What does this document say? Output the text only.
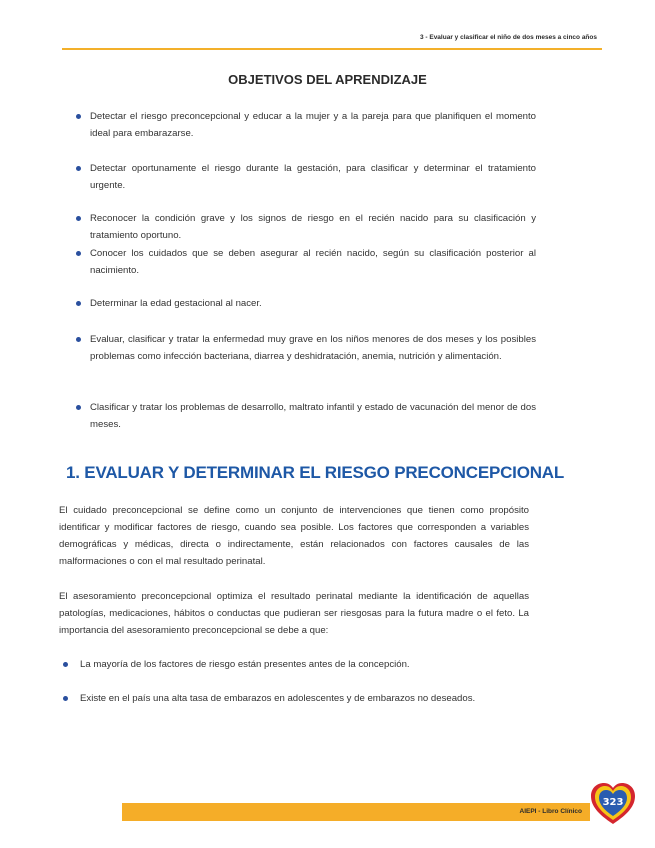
3 - Evaluar y clasificar el niño de dos meses a cinco años
OBJETIVOS DEL APRENDIZAJE
Detectar el riesgo preconcepcional y educar a la mujer y a la pareja para que planifiquen el momento ideal para embarazarse.
Detectar oportunamente el riesgo durante la gestación, para clasificar y determinar el tratamiento urgente.
Reconocer la condición grave y los signos de riesgo en el recién nacido para su clasificación y tratamiento oportuno.
Conocer los cuidados que se deben asegurar al recién nacido, según su clasificación posterior al nacimiento.
Determinar la edad gestacional al nacer.
Evaluar, clasificar y tratar la enfermedad muy grave en los niños menores de dos meses y los posibles problemas como infección bacteriana, diarrea y deshidratación, anemia, nutrición y alimentación.
Clasificar y tratar los problemas de desarrollo, maltrato infantil y estado de vacunación del menor de dos meses.
1. EVALUAR Y DETERMINAR EL RIESGO PRECONCEPCIONAL
El cuidado preconcepcional se define como un conjunto de intervenciones que tienen como propósito identificar y modificar factores de riesgo, cuando sea posible. Los factores que corresponden a variables demográficas y médicas, directa o indirectamente, están relacionados con factores causales de las malformaciones o con el mal resultado perinatal.
El asesoramiento preconcepcional optimiza el resultado perinatal mediante la identificación de aquellas patologías, medicaciones, hábitos o conductas que pudieran ser riesgosas para la futura madre o el feto. La importancia del asesoramiento preconcepcional se debe a que:
La mayoría de los factores de riesgo están presentes antes de la concepción.
Existe en el país una alta tasa de embarazos en adolescentes y de embarazos no deseados.
AIEPI - Libro Clínico
323
